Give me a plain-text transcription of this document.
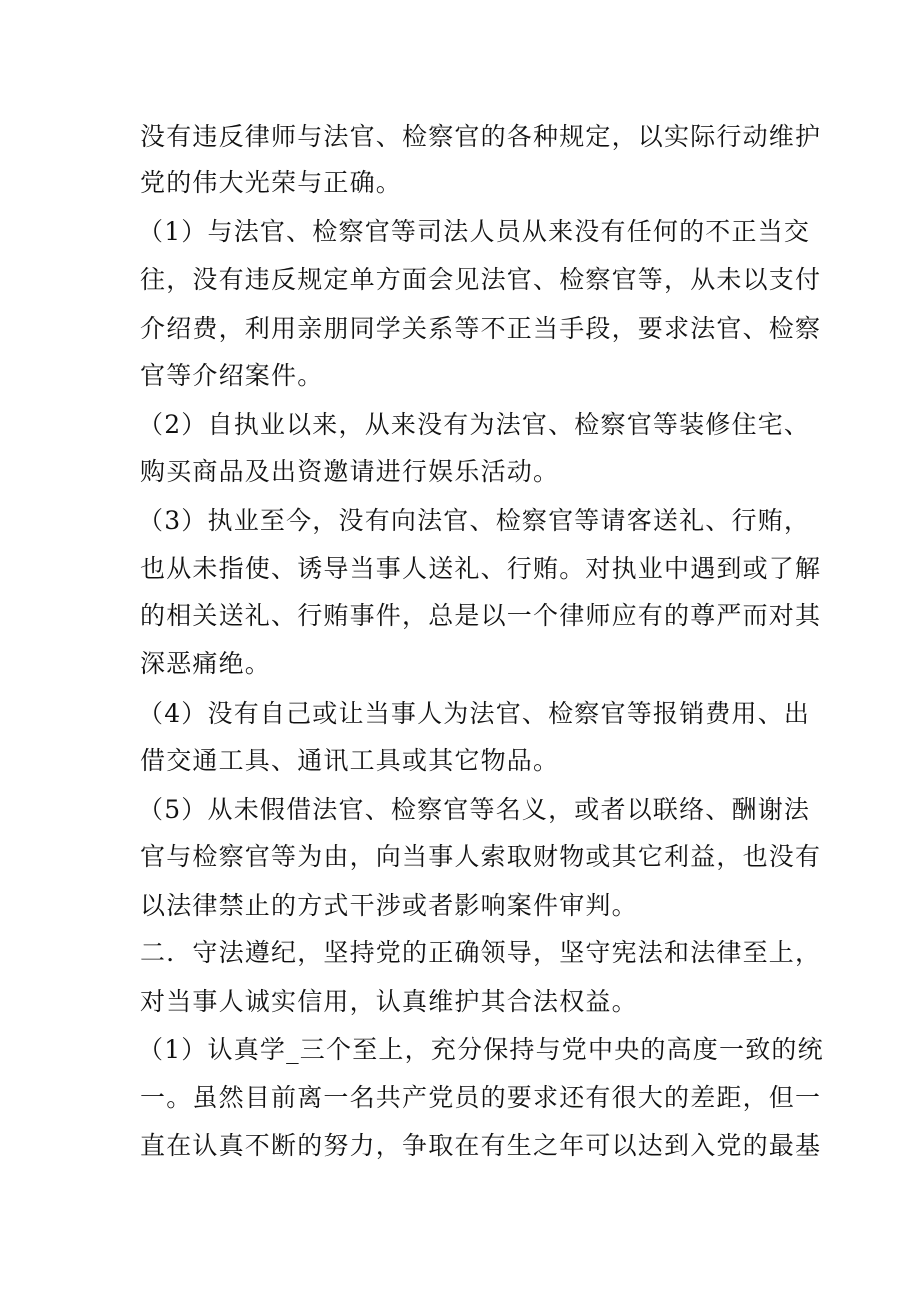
没有违反律师与法官、检察官的各种规定，以实际行动维护
党的伟大光荣与正确。
（1）与法官、检察官等司法人员从来没有任何的不正当交
往，没有违反规定单方面会见法官、检察官等，从未以支付
介绍费，利用亲朋同学关系等不正当手段，要求法官、检察
官等介绍案件。
（2）自执业以来，从来没有为法官、检察官等装修住宅、
购买商品及出资邀请进行娱乐活动。
（3）执业至今，没有向法官、检察官等请客送礼、行贿，
也从未指使、诱导当事人送礼、行贿。对执业中遇到或了解
的相关送礼、行贿事件，总是以一个律师应有的尊严而对其
深恶痛绝。
（4）没有自己或让当事人为法官、检察官等报销费用、出
借交通工具、通讯工具或其它物品。
（5）从未假借法官、检察官等名义，或者以联络、酬谢法
官与检察官等为由，向当事人索取财物或其它利益，也没有
以法律禁止的方式干涉或者影响案件审判。
二．守法遵纪，坚持党的正确领导，坚守宪法和法律至上，
对当事人诚实信用，认真维护其合法权益。
（1）认真学_三个至上，充分保持与党中央的高度一致的统
一。虽然目前离一名共产党员的要求还有很大的差距，但一
直在认真不断的努力，争取在有生之年可以达到入党的最基
